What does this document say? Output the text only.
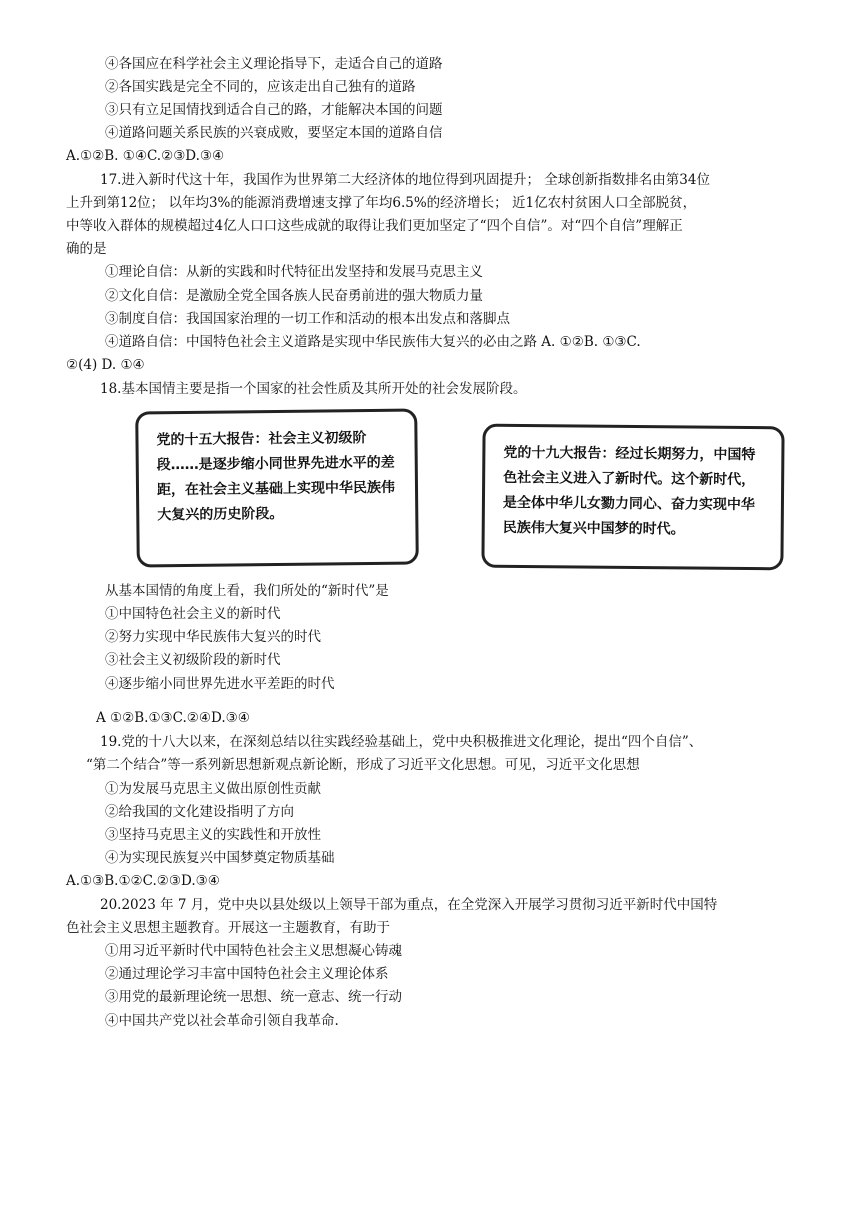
④各国应在科学社会主义理论指导下，走适合自己的道路
②各国实践是完全不同的，应该走出自己独有的道路
③只有立足国情找到适合自己的路，才能解决本国的问题
④道路问题关系民族的兴衰成败，要坚定本国的道路自信
A.①②B. ①④C.②③D.③④
17.进入新时代这十年，我国作为世界第二大经济体的地位得到巩固提升； 全球创新指数排名由第34位
上升到第12位； 以年均3%的能源消费增速支撑了年均6.5%的经济增长； 近1亿农村贫困人口全部脱贫，
中等收入群体的规模超过4亿人口口这些成就的取得让我们更加坚定了“四个自信”。对“四个自信”理解正
确的是
①理论自信：从新的实践和时代特征出发坚持和发展马克思主义
②文化自信：是激励全党全国各族人民奋勇前进的强大物质力量
③制度自信：我国国家治理的一切工作和活动的根本出发点和落脚点
④道路自信：中国特色社会主义道路是实现中华民族伟大复兴的必由之路 A. ①②B. ①③C.
②(4) D. ①④
18.基本国情主要是指一个国家的社会性质及其所开处的社会发展阶段。
党的十五大报告：社会主义初级阶段……是逐步缩小同世界先进水平的差距，在社会主义基础上实现中华民族伟大复兴的历史阶段。
党的十九大报告：经过长期努力，中国特色社会主义进入了新时代。这个新时代，是全体中华儿女勠力同心、奋力实现中华民族伟大复兴中国梦的时代。
从基本国情的角度上看，我们所处的“新时代”是
①中国特色社会主义的新时代
②努力实现中华民族伟大复兴的时代
③社会主义初级阶段的新时代
④逐步缩小同世界先进水平差距的时代
A ①②B.①③C.②④D.③④
19.党的十八大以来，在深刻总结以往实践经验基础上，党中央积极推进文化理论，提出“四个自信”、
“第二个结合”等一系列新思想新观点新论断，形成了习近平文化思想。可见，习近平文化思想
①为发展马克思主义做出原创性贡献
②给我国的文化建设指明了方向
③坚持马克思主义的实践性和开放性
④为实现民族复兴中国梦奠定物质基础
A.①③B.①②C.②③D.③④
20.2023 年 7 月，党中央以县处级以上领导干部为重点，在全党深入开展学习贯彻习近平新时代中国特
色社会主义思想主题教育。开展这一主题教育，有助于
①用习近平新时代中国特色社会主义思想凝心铸魂
②通过理论学习丰富中国特色社会主义理论体系
③用党的最新理论统一思想、统一意志、统一行动
④中国共产党以社会革命引领自我革命.
